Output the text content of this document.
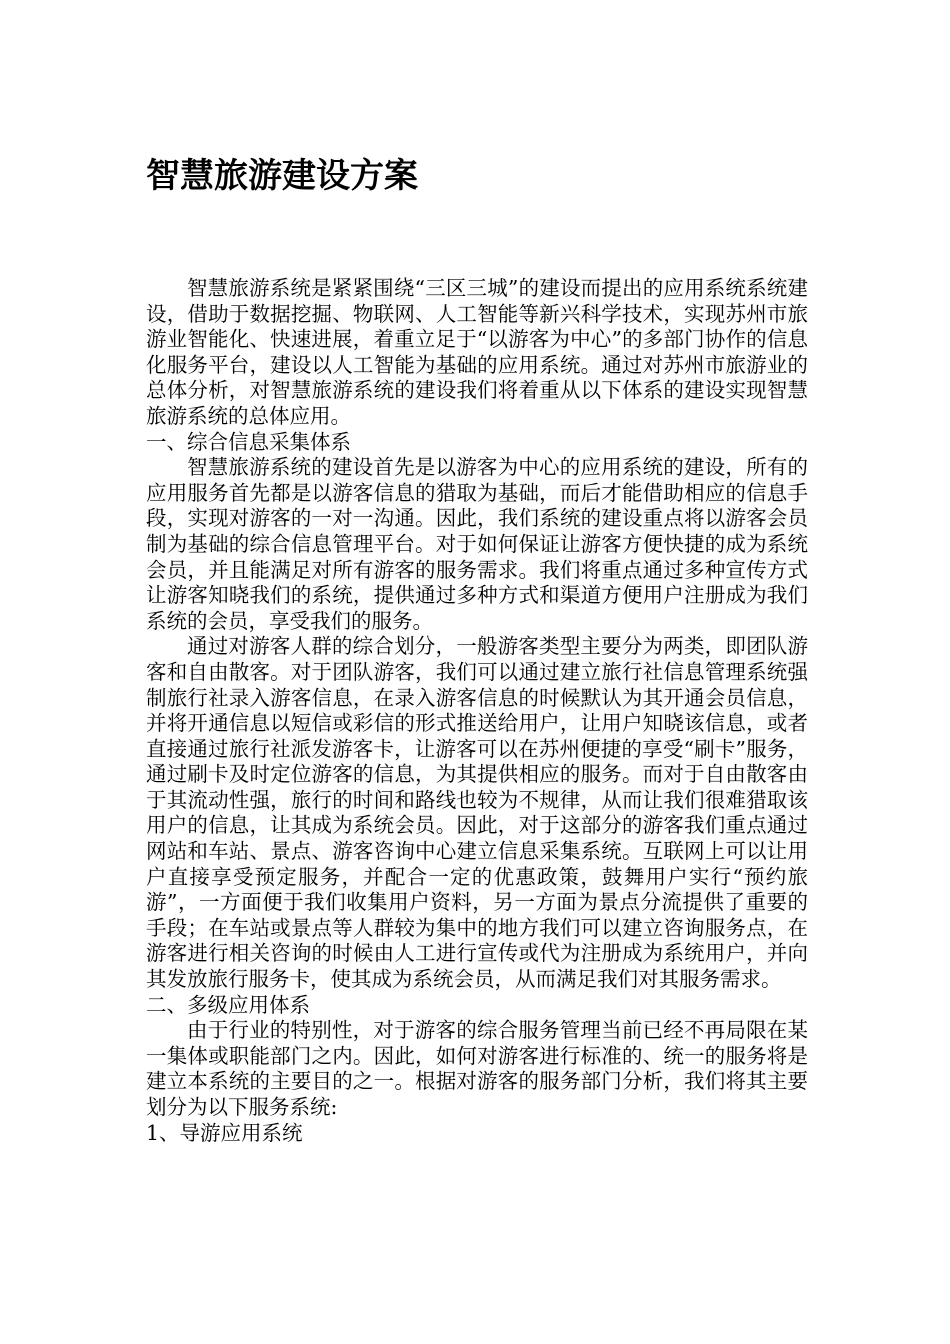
智慧旅游建设方案

智慧旅游系统是紧紧围绕“三区三城”的建设而提出的应用系统系统建设，借助于数据挖掘、物联网、人工智能等新兴科学技术，实现苏州市旅游业智能化、快速进展，着重立足于“以游客为中心”的多部门协作的信息化服务平台，建设以人工智能为基础的应用系统。通过对苏州市旅游业的总体分析，对智慧旅游系统的建设我们将着重从以下体系的建设实现智慧旅游系统的总体应用。

一、综合信息采集体系

智慧旅游系统的建设首先是以游客为中心的应用系统的建设，所有的应用服务首先都是以游客信息的猎取为基础，而后才能借助相应的信息手段，实现对游客的一对一沟通。因此，我们系统的建设重点将以游客会员制为基础的综合信息管理平台。对于如何保证让游客方便快捷的成为系统会员，并且能满足对所有游客的服务需求。我们将重点通过多种宣传方式让游客知晓我们的系统，提供通过多种方式和渠道方便用户注册成为我们系统的会员，享受我们的服务。

通过对游客人群的综合划分，一般游客类型主要分为两类，即团队游客和自由散客。对于团队游客，我们可以通过建立旅行社信息管理系统强制旅行社录入游客信息，在录入游客信息的时候默认为其开通会员信息，并将开通信息以短信或彩信的形式推送给用户，让用户知晓该信息，或者直接通过旅行社派发游客卡，让游客可以在苏州便捷的享受“刷卡”服务，通过刷卡及时定位游客的信息，为其提供相应的服务。而对于自由散客由于其流动性强，旅行的时间和路线也较为不规律，从而让我们很难猎取该用户的信息，让其成为系统会员。因此，对于这部分的游客我们重点通过网站和车站、景点、游客咨询中心建立信息采集系统。互联网上可以让用户直接享受预定服务，并配合一定的优惠政策，鼓舞用户实行“预约旅游”，一方面便于我们收集用户资料，另一方面为景点分流提供了重要的手段；在车站或景点等人群较为集中的地方我们可以建立咨询服务点，在游客进行相关咨询的时候由人工进行宣传或代为注册成为系统用户，并向其发放旅行服务卡，使其成为系统会员，从而满足我们对其服务需求。

二、多级应用体系

由于行业的特别性，对于游客的综合服务管理当前已经不再局限在某一集体或职能部门之内。因此，如何对游客进行标准的、统一的服务将是建立本系统的主要目的之一。根据对游客的服务部门分析，我们将其主要划分为以下服务系统:

1、导游应用系统
